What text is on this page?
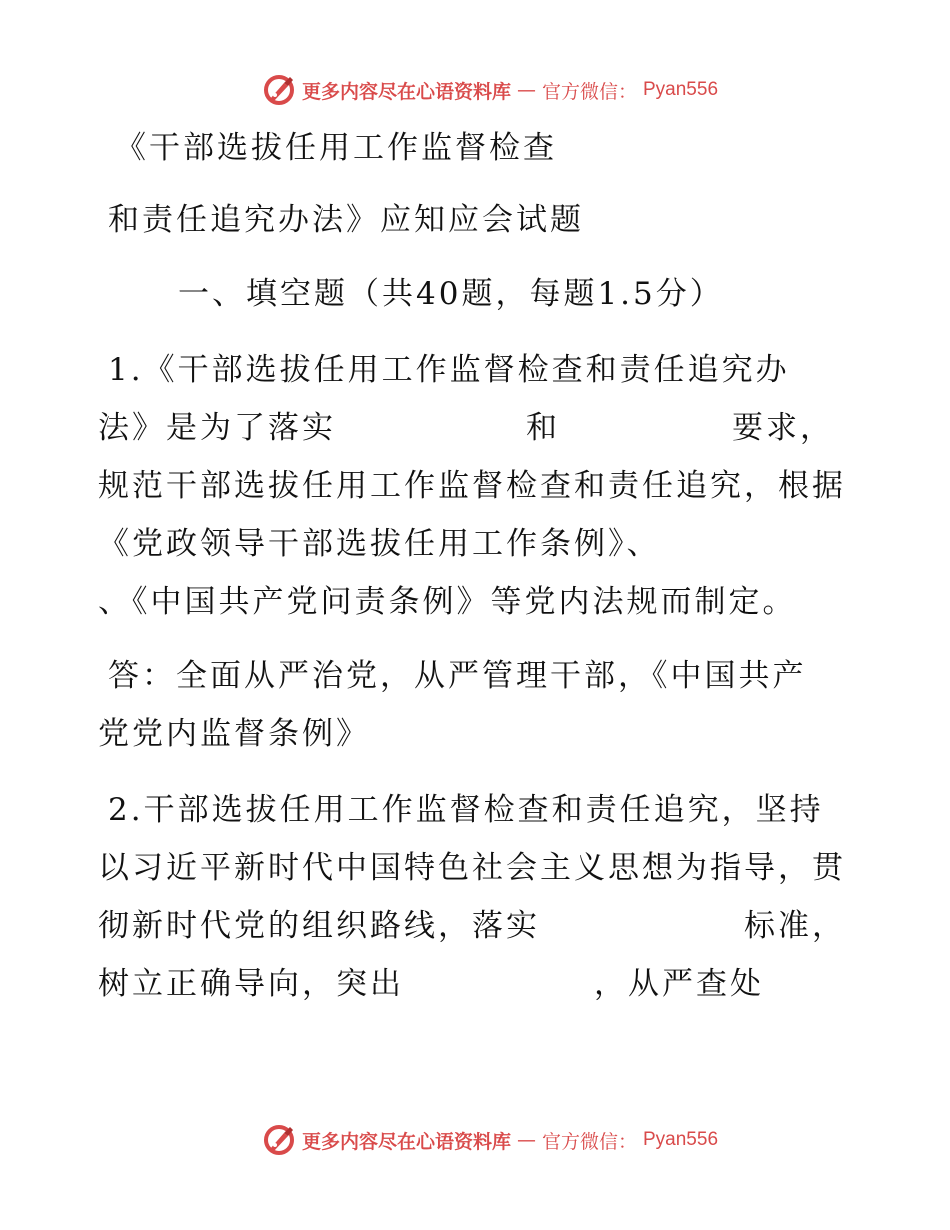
更多内容尽在心语资料库 — 官方微信： Pyan556
《干部选拔任用工作监督检查
和责任追究办法》应知应会试题
一、填空题（共40题，每题1.5分）
1.《干部选拔任用工作监督检查和责任追究办
法》是为了落实	和	要求，
规范干部选拔任用工作监督检查和责任追究，根据
《党政领导干部选拔任用工作条例》、
、《中国共产党问责条例》等党内法规而制定。
答：全面从严治党，从严管理干部，《中国共产
党党内监督条例》
2.干部选拔任用工作监督检查和责任追究，坚持
以习近平新时代中国特色社会主义思想为指导，贯
彻新时代党的组织路线，落实	标准，
树立正确导向，突出	，从严查处
更多内容尽在心语资料库 — 官方微信： Pyan556
